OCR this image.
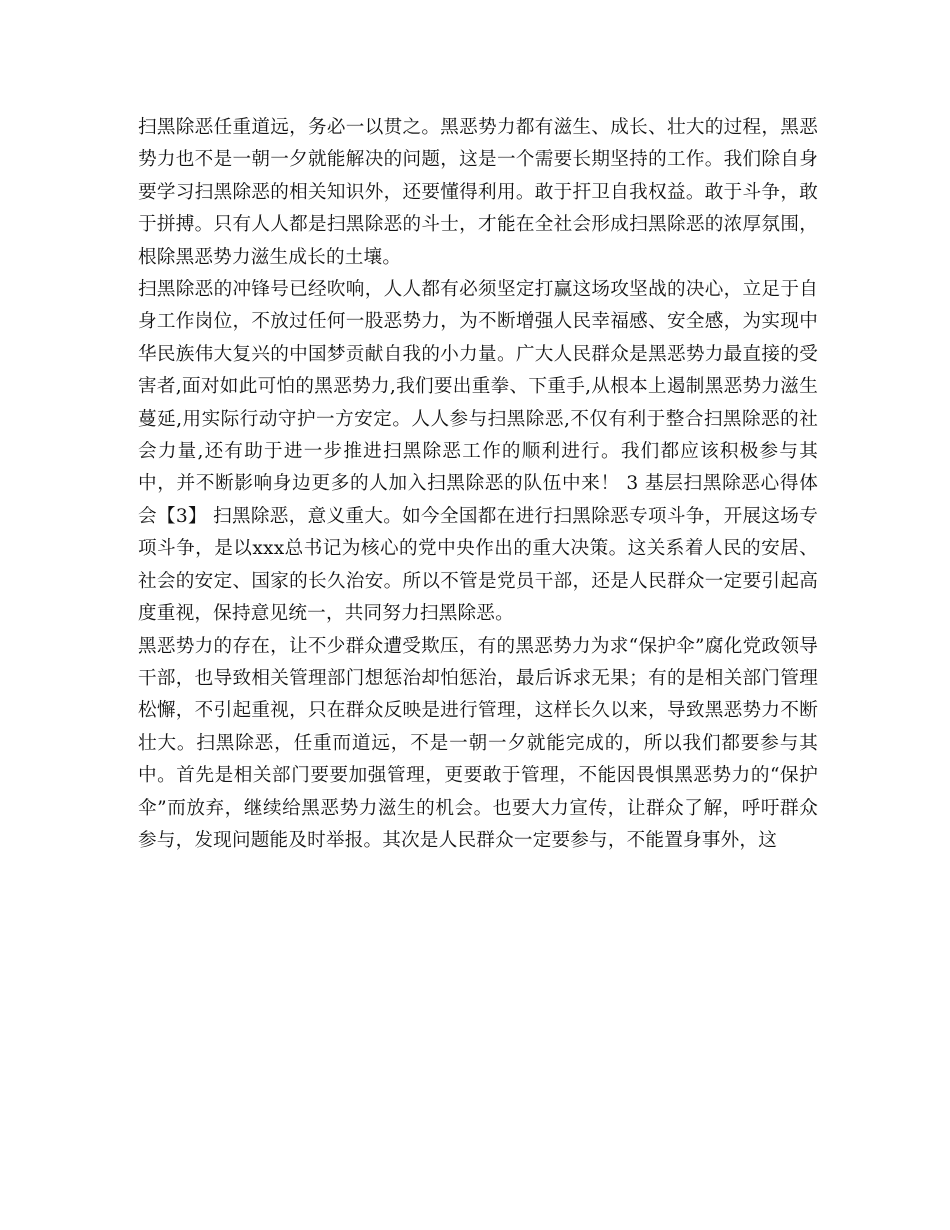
扫黑除恶任重道远，务必一以贯之。黑恶势力都有滋生、成长、壮大的过程，黑恶势力也不是一朝一夕就能解决的问题，这是一个需要长期坚持的工作。我们除自身要学习扫黑除恶的相关知识外，还要懂得利用。敢于扞卫自我权益。敢于斗争，敢于拼搏。只有人人都是扫黑除恶的斗士，才能在全社会形成扫黑除恶的浓厚氛围，根除黑恶势力滋生成长的土壤。

扫黑除恶的冲锋号已经吹响，人人都有必须坚定打赢这场攻坚战的决心，立足于自身工作岗位，不放过任何一股恶势力，为不断增强人民幸福感、安全感，为实现中华民族伟大复兴的中国梦贡献自我的小力量。广大人民群众是黑恶势力最直接的受害者,面对如此可怕的黑恶势力,我们要出重拳、下重手,从根本上遏制黑恶势力滋生蔓延,用实际行动守护一方安定。人人参与扫黑除恶,不仅有利于整合扫黑除恶的社会力量,还有助于进一步推进扫黑除恶工作的顺利进行。我们都应该积极参与其中，并不断影响身边更多的人加入扫黑除恶的队伍中来！ 3 基层扫黑除恶心得体会【3】 扫黑除恶，意义重大。如今全国都在进行扫黑除恶专项斗争，开展这场专项斗争，是以xxx总书记为核心的党中央作出的重大决策。这关系着人民的安居、社会的安定、国家的长久治安。所以不管是党员干部，还是人民群众一定要引起高度重视，保持意见统一，共同努力扫黑除恶。

黑恶势力的存在，让不少群众遭受欺压，有的黑恶势力为求“保护伞”腐化党政领导干部，也导致相关管理部门想惩治却怕惩治，最后诉求无果；有的是相关部门管理松懈，不引起重视，只在群众反映是进行管理，这样长久以来，导致黑恶势力不断壮大。扫黑除恶，任重而道远，不是一朝一夕就能完成的，所以我们都要参与其中。首先是相关部门要要加强管理，更要敢于管理，不能因畏惧黑恶势力的“保护伞”而放弃，继续给黑恶势力滋生的机会。也要大力宣传，让群众了解，呼吁群众参与，发现问题能及时举报。其次是人民群众一定要参与，不能置身事外，这
